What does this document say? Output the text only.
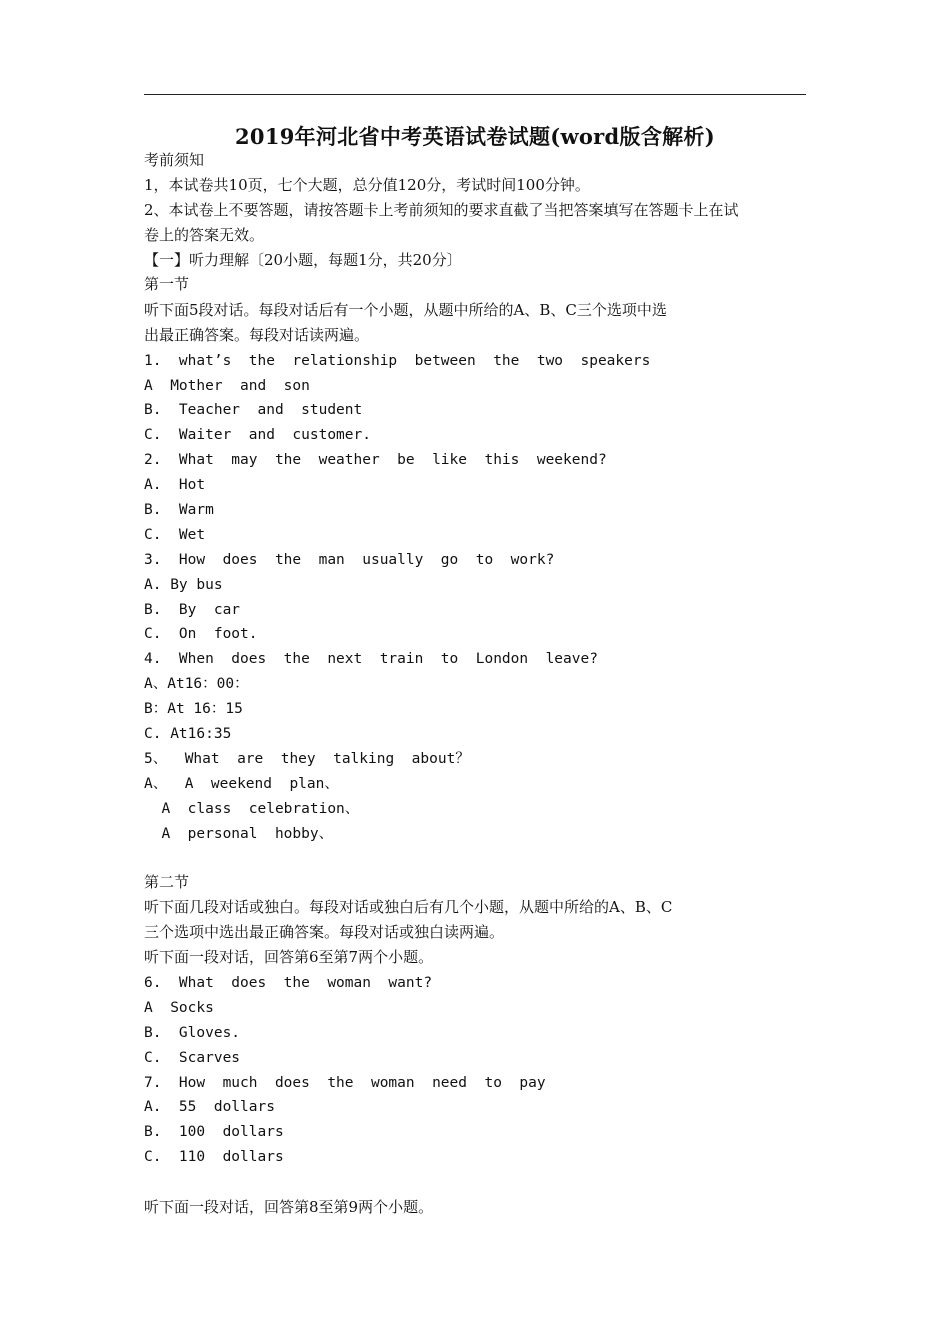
2019年河北省中考英语试卷试题(word版含解析)
考前须知
1，本试卷共10页，七个大题，总分值120分，考试时间100分钟。
2、本试卷上不要答题，请按答题卡上考前须知的要求直截了当把答案填写在答题卡上在试
卷上的答案无效。
【一】听力理解〔20小题，每题1分，共20分〕
第一节
听下面5段对话。每段对话后有一个小题，从题中所给的A、B、C三个选项中选
出最正确答案。每段对话读两遍。
1.  what’s  the  relationship  between  the  two  speakers
A  Mother  and  son
B.  Teacher  and  student
C.  Waiter  and  customer.
2.  What  may  the  weather  be  like  this  weekend?
A.  Hot
B.  Warm
C.  Wet
3.  How  does  the  man  usually  go  to  work?
A. By bus
B.  By  car
C.  On  foot.
4.  When  does  the  next  train  to  London  leave?
A、At16：00：
B：At 16：15
C. At16:35
5、  What  are  they  talking  about？
A、  A  weekend  plan、
A  class  celebration、
A  personal  hobby、
第二节
听下面几段对话或独白。每段对话或独白后有几个小题，从题中所给的A、B、C
三个选项中选出最正确答案。每段对话或独白读两遍。
听下面一段对话，回答第6至第7两个小题。
6.  What  does  the  woman  want?
A  Socks
B.  Gloves.
C.  Scarves
7.  How  much  does  the  woman  need  to  pay
A.  55  dollars
B.  100  dollars
C.  110  dollars
听下面一段对话，回答第8至第9两个小题。
